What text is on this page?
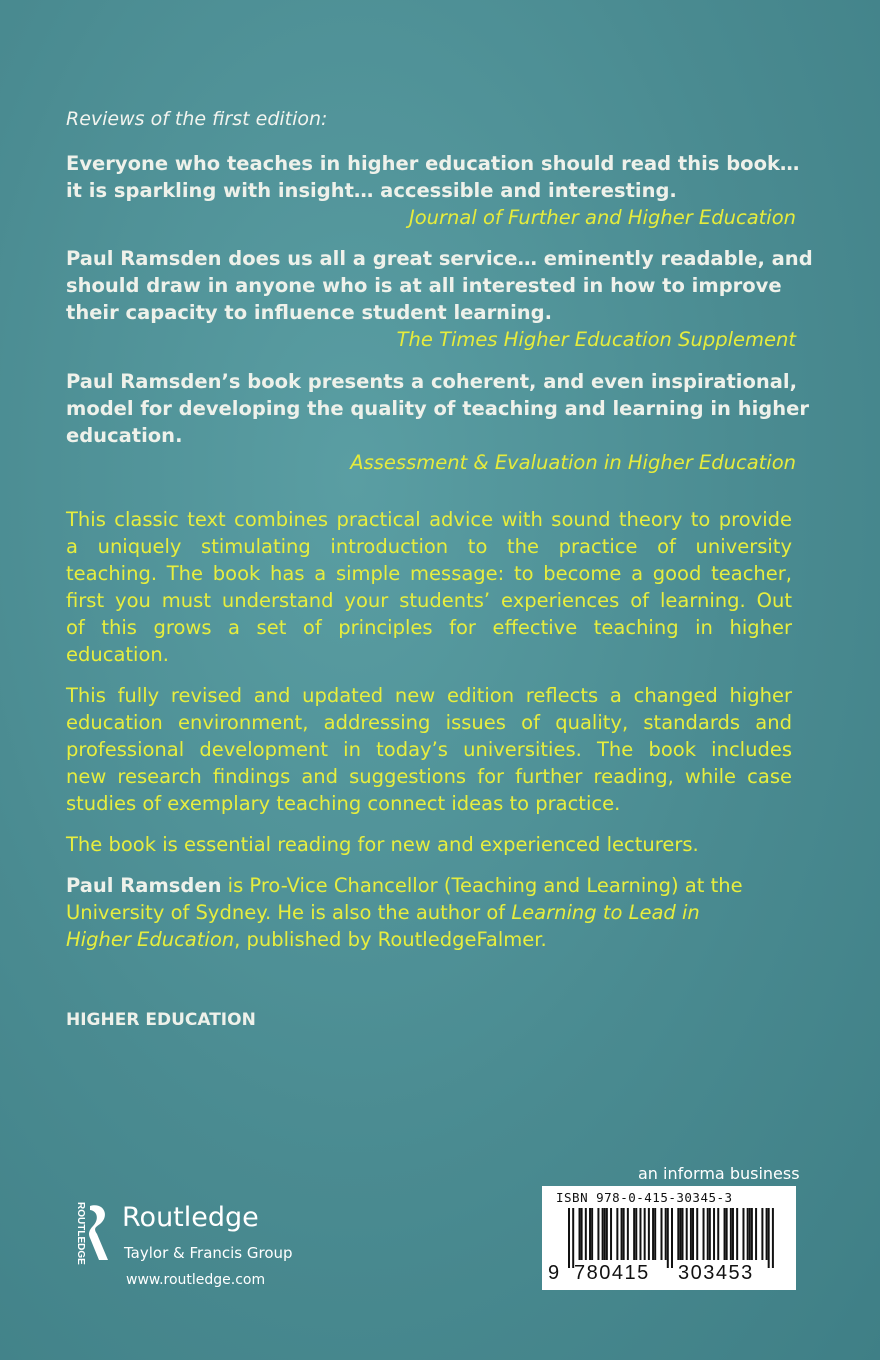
Reviews of the first edition:
Everyone who teaches in higher education should read this book…
it is sparkling with insight… accessible and interesting.
Journal of Further and Higher Education
Paul Ramsden does us all a great service… eminently readable, and
should draw in anyone who is at all interested in how to improve
their capacity to influence student learning.
The Times Higher Education Supplement
Paul Ramsden’s book presents a coherent, and even inspirational,
model for developing the quality of teaching and learning in higher
education.
Assessment & Evaluation in Higher Education
This classic text combines practical advice with sound theory to provide
a uniquely stimulating introduction to the practice of university
teaching. The book has a simple message: to become a good teacher,
first you must understand your students’ experiences of learning. Out
of this grows a set of principles for effective teaching in higher
education.
This fully revised and updated new edition reflects a changed higher
education environment, addressing issues of quality, standards and
professional development in today’s universities. The book includes
new research findings and suggestions for further reading, while case
studies of exemplary teaching connect ideas to practice.
The book is essential reading for new and experienced lecturers.
Paul Ramsden is Pro-Vice Chancellor (Teaching and Learning) at the
University of Sydney. He is also the author of Learning to Lead in
Higher Education, published by RoutledgeFalmer.
HIGHER EDUCATION
ROUTLEDGE Routledge
Taylor & Francis Group
www.routledge.com
an informa business
ISBN 978-0-415-30345-3
9 780415 303453
